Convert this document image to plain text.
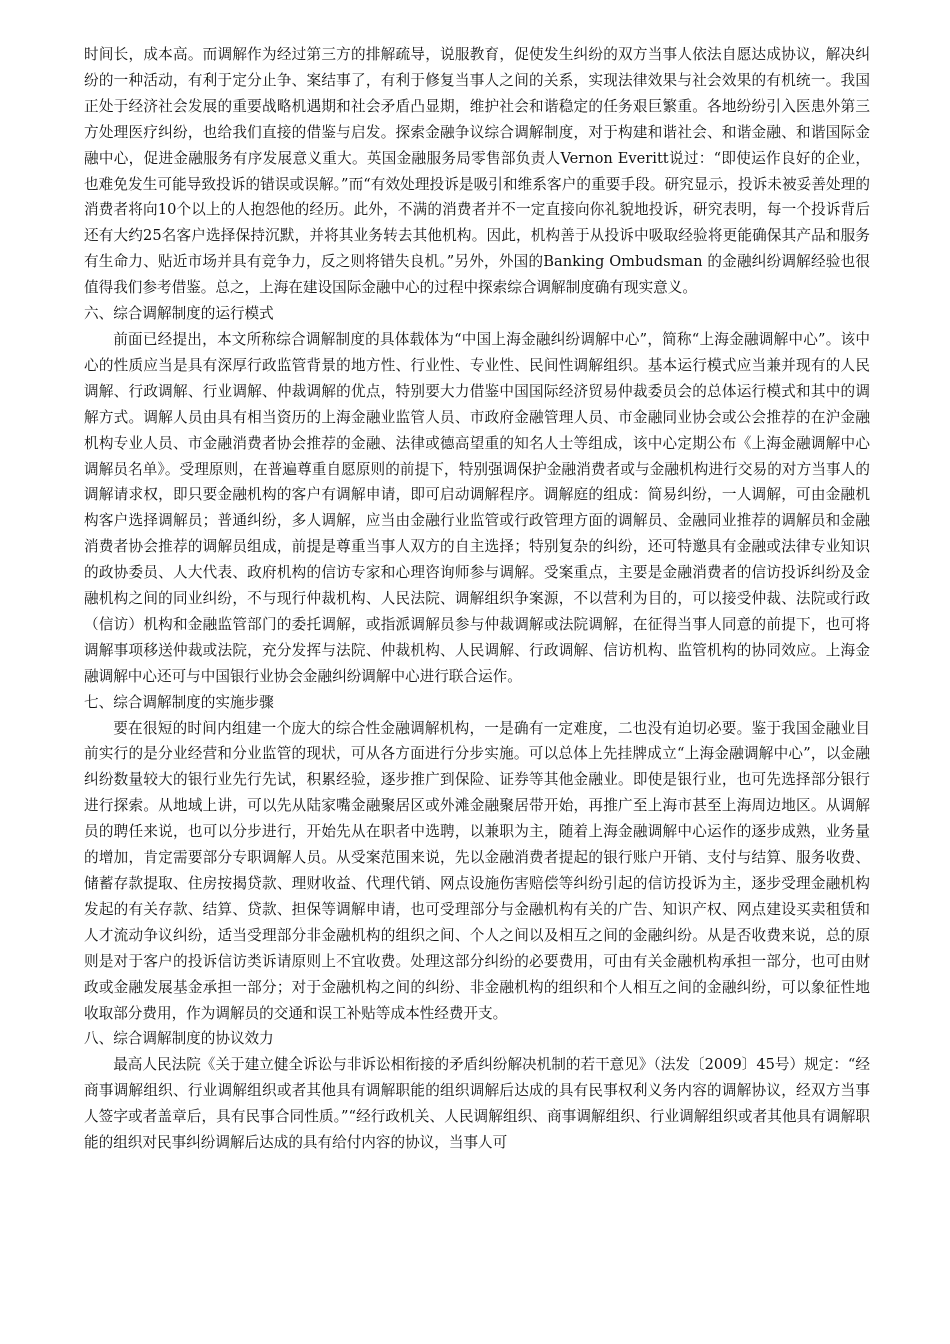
时间长，成本高。而调解作为经过第三方的排解疏导，说服教育，促使发生纠纷的双方当事人依法自愿达成协议，解决纠纷的一种活动，有利于定分止争、案结事了，有利于修复当事人之间的关系，实现法律效果与社会效果的有机统一。我国正处于经济社会发展的重要战略机遇期和社会矛盾凸显期，维护社会和谐稳定的任务艰巨繁重。各地纷纷引入医患外第三方处理医疗纠纷，也给我们直接的借鉴与启发。探索金融争议综合调解制度，对于构建和谐社会、和谐金融、和谐国际金融中心，促进金融服务有序发展意义重大。英国金融服务局零售部负责人Vernon Everitt说过：“即使运作良好的企业，也难免发生可能导致投诉的错误或误解。”而“有效处理投诉是吸引和维系客户的重要手段。研究显示，投诉未被妥善处理的消费者将向10个以上的人抱怨他的经历。此外，不满的消费者并不一定直接向你礼貌地投诉，研究表明，每一个投诉背后还有大约25名客户选择保持沉默，并将其业务转去其他机构。因此，机构善于从投诉中吸取经验将更能确保其产品和服务有生命力、贴近市场并具有竞争力，反之则将错失良机。”另外，外国的Banking Ombudsman 的金融纠纷调解经验也很值得我们参考借鉴。总之，上海在建设国际金融中心的过程中探索综合调解制度确有现实意义。

六、综合调解制度的运行模式

前面已经提出，本文所称综合调解制度的具体载体为“中国上海金融纠纷调解中心”，简称“上海金融调解中心”。该中心的性质应当是具有深厚行政监管背景的地方性、行业性、专业性、民间性调解组织。基本运行模式应当兼并现有的人民调解、行政调解、行业调解、仲裁调解的优点，特别要大力借鉴中国国际经济贸易仲裁委员会的总体运行模式和其中的调解方式。调解人员由具有相当资历的上海金融业监管人员、市政府金融管理人员、市金融同业协会或公会推荐的在沪金融机构专业人员、市金融消费者协会推荐的金融、法律或德高望重的知名人士等组成，该中心定期公布《上海金融调解中心调解员名单》。受理原则，在普遍尊重自愿原则的前提下，特别强调保护金融消费者或与金融机构进行交易的对方当事人的调解请求权，即只要金融机构的客户有调解申请，即可启动调解程序。调解庭的组成：简易纠纷，一人调解，可由金融机构客户选择调解员；普通纠纷，多人调解，应当由金融行业监管或行政管理方面的调解员、金融同业推荐的调解员和金融消费者协会推荐的调解员组成，前提是尊重当事人双方的自主选择；特别复杂的纠纷，还可特邀具有金融或法律专业知识的政协委员、人大代表、政府机构的信访专家和心理咨询师参与调解。受案重点，主要是金融消费者的信访投诉纠纷及金融机构之间的同业纠纷，不与现行仲裁机构、人民法院、调解组织争案源，不以营利为目的，可以接受仲裁、法院或行政（信访）机构和金融监管部门的委托调解，或指派调解员参与仲裁调解或法院调解，在征得当事人同意的前提下，也可将调解事项移送仲裁或法院，充分发挥与法院、仲裁机构、人民调解、行政调解、信访机构、监管机构的协同效应。上海金融调解中心还可与中国银行业协会金融纠纷调解中心进行联合运作。

七、综合调解制度的实施步骤

要在很短的时间内组建一个庞大的综合性金融调解机构，一是确有一定难度，二也没有迫切必要。鉴于我国金融业目前实行的是分业经营和分业监管的现状，可从各方面进行分步实施。可以总体上先挂牌成立“上海金融调解中心”，以金融纠纷数量较大的银行业先行先试，积累经验，逐步推广到保险、证券等其他金融业。即使是银行业，也可先选择部分银行进行探索。从地域上讲，可以先从陆家嘴金融聚居区或外滩金融聚居带开始，再推广至上海市甚至上海周边地区。从调解员的聘任来说，也可以分步进行，开始先从在职者中选聘，以兼职为主，随着上海金融调解中心运作的逐步成熟，业务量的增加，肯定需要部分专职调解人员。从受案范围来说，先以金融消费者提起的银行账户开销、支付与结算、服务收费、储蓄存款提取、住房按揭贷款、理财收益、代理代销、网点设施伤害赔偿等纠纷引起的信访投诉为主，逐步受理金融机构发起的有关存款、结算、贷款、担保等调解申请，也可受理部分与金融机构有关的广告、知识产权、网点建设买卖租赁和人才流动争议纠纷，适当受理部分非金融机构的组织之间、个人之间以及相互之间的金融纠纷。从是否收费来说，总的原则是对于客户的投诉信访类诉请原则上不宜收费。处理这部分纠纷的必要费用，可由有关金融机构承担一部分，也可由财政或金融发展基金承担一部分；对于金融机构之间的纠纷、非金融机构的组织和个人相互之间的金融纠纷，可以象征性地收取部分费用，作为调解员的交通和误工补贴等成本性经费开支。

八、综合调解制度的协议效力

最高人民法院《关于建立健全诉讼与非诉讼相衔接的矛盾纠纷解决机制的若干意见》（法发〔2009〕45号）规定：“经商事调解组织、行业调解组织或者其他具有调解职能的组织调解后达成的具有民事权利义务内容的调解协议，经双方当事人签字或者盖章后，具有民事合同性质。”“经行政机关、人民调解组织、商事调解组织、行业调解组织或者其他具有调解职能的组织对民事纠纷调解后达成的具有给付内容的协议，当事人可
